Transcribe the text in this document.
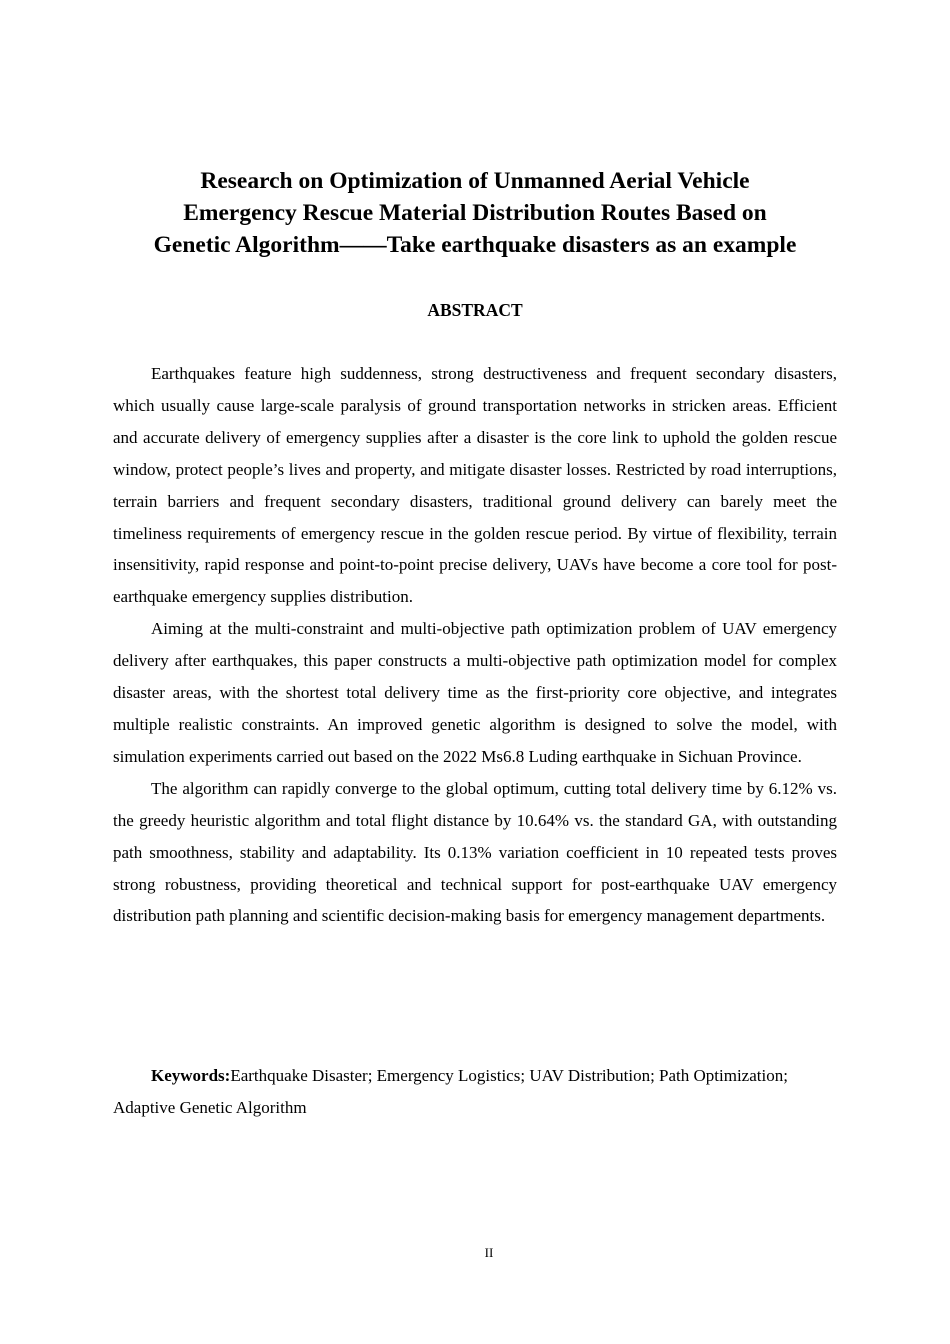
Research on Optimization of Unmanned Aerial Vehicle
Emergency Rescue Material Distribution Routes Based on
Genetic Algorithm——Take earthquake disasters as an example
ABSTRACT

Earthquakes feature high suddenness, strong destructiveness and frequent secondary disasters, which usually cause large-scale paralysis of ground transportation networks in stricken areas. Efficient and accurate delivery of emergency supplies after a disaster is the core link to uphold the golden rescue window, protect people’s lives and property, and mitigate disaster losses. Restricted by road interruptions, terrain barriers and frequent secondary disasters, traditional ground delivery can barely meet the timeliness requirements of emergency rescue in the golden rescue period. By virtue of flexibility, terrain insensitivity, rapid response and point-to-point precise delivery, UAVs have become a core tool for post-earthquake emergency supplies distribution.

Aiming at the multi-constraint and multi-objective path optimization problem of UAV emergency delivery after earthquakes, this paper constructs a multi-objective path optimization model for complex disaster areas, with the shortest total delivery time as the first-priority core objective, and integrates multiple realistic constraints. An improved genetic algorithm is designed to solve the model, with simulation experiments carried out based on the 2022 Ms6.8 Luding earthquake in Sichuan Province.

The algorithm can rapidly converge to the global optimum, cutting total delivery time by 6.12% vs. the greedy heuristic algorithm and total flight distance by 10.64% vs. the standard GA, with outstanding path smoothness, stability and adaptability. Its 0.13% variation coefficient in 10 repeated tests proves strong robustness, providing theoretical and technical support for post-earthquake UAV emergency distribution path planning and scientific decision-making basis for emergency management departments.

Keywords:Earthquake Disaster; Emergency Logistics; UAV Distribution; Path Optimization; Adaptive Genetic Algorithm

II
